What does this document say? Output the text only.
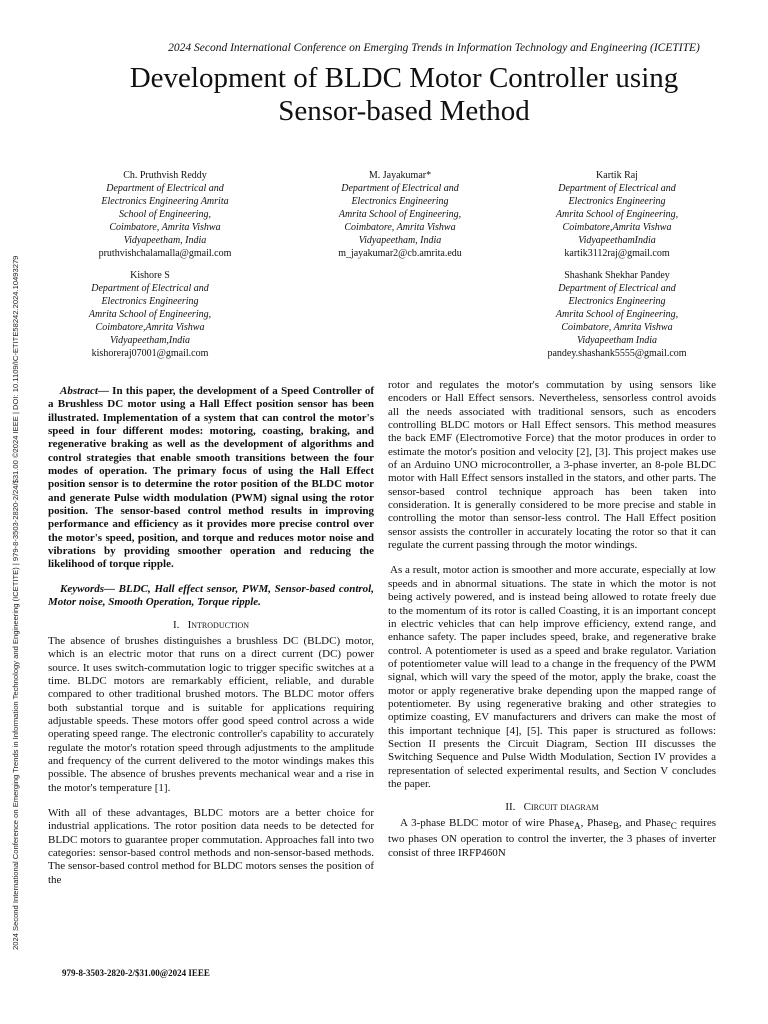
2024 Second International Conference on Emerging Trends in Information Technology and Engineering (ICETITE)
Development of BLDC Motor Controller using
Sensor-based Method
2024 Second International Conference on Emerging Trends in Information Technology and Engineering (ICETITE) | 979-8-3503-2820-2/24/$31.00 ©2024 IEEE | DOI: 10.1109/IC-ETITE58242.2024.10493279
Ch. Pruthvish Reddy
Department of Electrical and
Electronics Engineering Amrita
School of Engineering,
Coimbatore, Amrita Vishwa
Vidyapeetham, India
pruthvishchalamalla@gmail.com
M. Jayakumar*
Department of Electrical and
Electronics Engineering
Amrita School of Engineering,
Coimbatore, Amrita Vishwa
Vidyapeetham, India
m_jayakumar2@cb.amrita.edu
Kartik Raj
Department of Electrical and
Electronics Engineering
Amrita School of Engineering,
Coimbatore,Amrita Vishwa
VidyapeethamIndia
kartik3112raj@gmail.com
Kishore S
Department of Electrical and
Electronics Engineering
Amrita School of Engineering,
Coimbatore,Amrita Vishwa
Vidyapeetham,India
kishoreraj07001@gmail.com
Shashank Shekhar Pandey
Department of Electrical and
Electronics Engineering
Amrita School of Engineering,
Coimbatore, Amrita Vishwa
Vidyapeetham India
pandey.shashank5555@gmail.com

Abstract— In this paper, the development of a Speed Controller of a Brushless DC motor using a Hall Effect position sensor has been illustrated. Implementation of a system that can control the motor's speed in four different modes: motoring, coasting, braking, and regenerative braking as well as the development of algorithms and control strategies that enable smooth transitions between the four modes of operation. The primary focus of using the Hall Effect position sensor is to determine the rotor position of the BLDC motor and generate Pulse width modulation (PWM) signal using the rotor position. The sensor-based control method results in improving performance and efficiency as it provides more precise control over the motor's speed, position, and torque and reduces motor noise and vibrations by providing smoother operation and reducing the likelihood of torque ripple.

Keywords— BLDC, Hall effect sensor, PWM, Sensor-based control, Motor noise, Smooth Operation, Torque ripple.

I. Introduction

The absence of brushes distinguishes a brushless DC (BLDC) motor, which is an electric motor that runs on a direct current (DC) power source. It uses switch-commutation logic to trigger specific switches at a time. BLDC motors are remarkably efficient, reliable, and durable compared to other traditional brushed motors. The BLDC motor offers both substantial torque and is suitable for applications requiring adjustable speeds. These motors offer good speed control across a wide operating speed range. The electronic controller's capability to accurately regulate the motor's rotation speed through adjustments to the amplitude and frequency of the current delivered to the motor windings makes this possible. The absence of brushes prevents mechanical wear and a rise in the motor's temperature [1].

With all of these advantages, BLDC motors are a better choice for industrial applications. The rotor position data needs to be detected for BLDC motors to guarantee proper commutation. Approaches fall into two categories: sensor-based control methods and non-sensor-based methods. The sensor-based control method for BLDC motors senses the position of the

rotor and regulates the motor's commutation by using sensors like encoders or Hall Effect sensors. Nevertheless, sensorless control avoids all the needs associated with traditional sensors, such as encoders controlling BLDC motors or Hall Effect sensors. This method measures the back EMF (Electromotive Force) that the motor produces in order to estimate the motor's position and velocity [2], [3]. This project makes use of an Arduino UNO microcontroller, a 3-phase inverter, an 8-pole BLDC motor with Hall Effect sensors installed in the stators, and other parts. The sensor-based control technique approach has been taken into consideration. It is generally considered to be more precise and stable in controlling the motor than sensor-less control. The Hall Effect position sensor assists the controller in accurately locating the rotor so that it can regulate the current passing through the motor windings.

As a result, motor action is smoother and more accurate, especially at low speeds and in abnormal situations. The state in which the motor is not being actively powered, and is instead being allowed to rotate freely due to the momentum of its rotor is called Coasting, it is an important concept in electric vehicles that can help improve efficiency, extend range, and enhance safety. The paper includes speed, brake, and regenerative brake control. A potentiometer is used as a speed and brake regulator. Variation of potentiometer value will lead to a change in the frequency of the PWM signal, which will vary the speed of the motor, apply the brake, coast the motor or apply regenerative brake depending upon the mapped range of potentiometer. By using regenerative braking and other strategies to optimize coasting, EV manufacturers and drivers can make the most of this important technique [4], [5]. This paper is structured as follows: Section II presents the Circuit Diagram, Section III discusses the Switching Sequence and Pulse Width Modulation, Section IV provides a representation of selected experimental results, and Section V concludes the paper.

II. Circuit diagram

A 3-phase BLDC motor of wire Phase$_A$, Phase$_B$, and Phase$_C$ requires two phases ON operation to control the inverter, the 3 phases of inverter consist of three IRFP460N

979-8-3503-2820-2/$31.00@2024 IEEE
